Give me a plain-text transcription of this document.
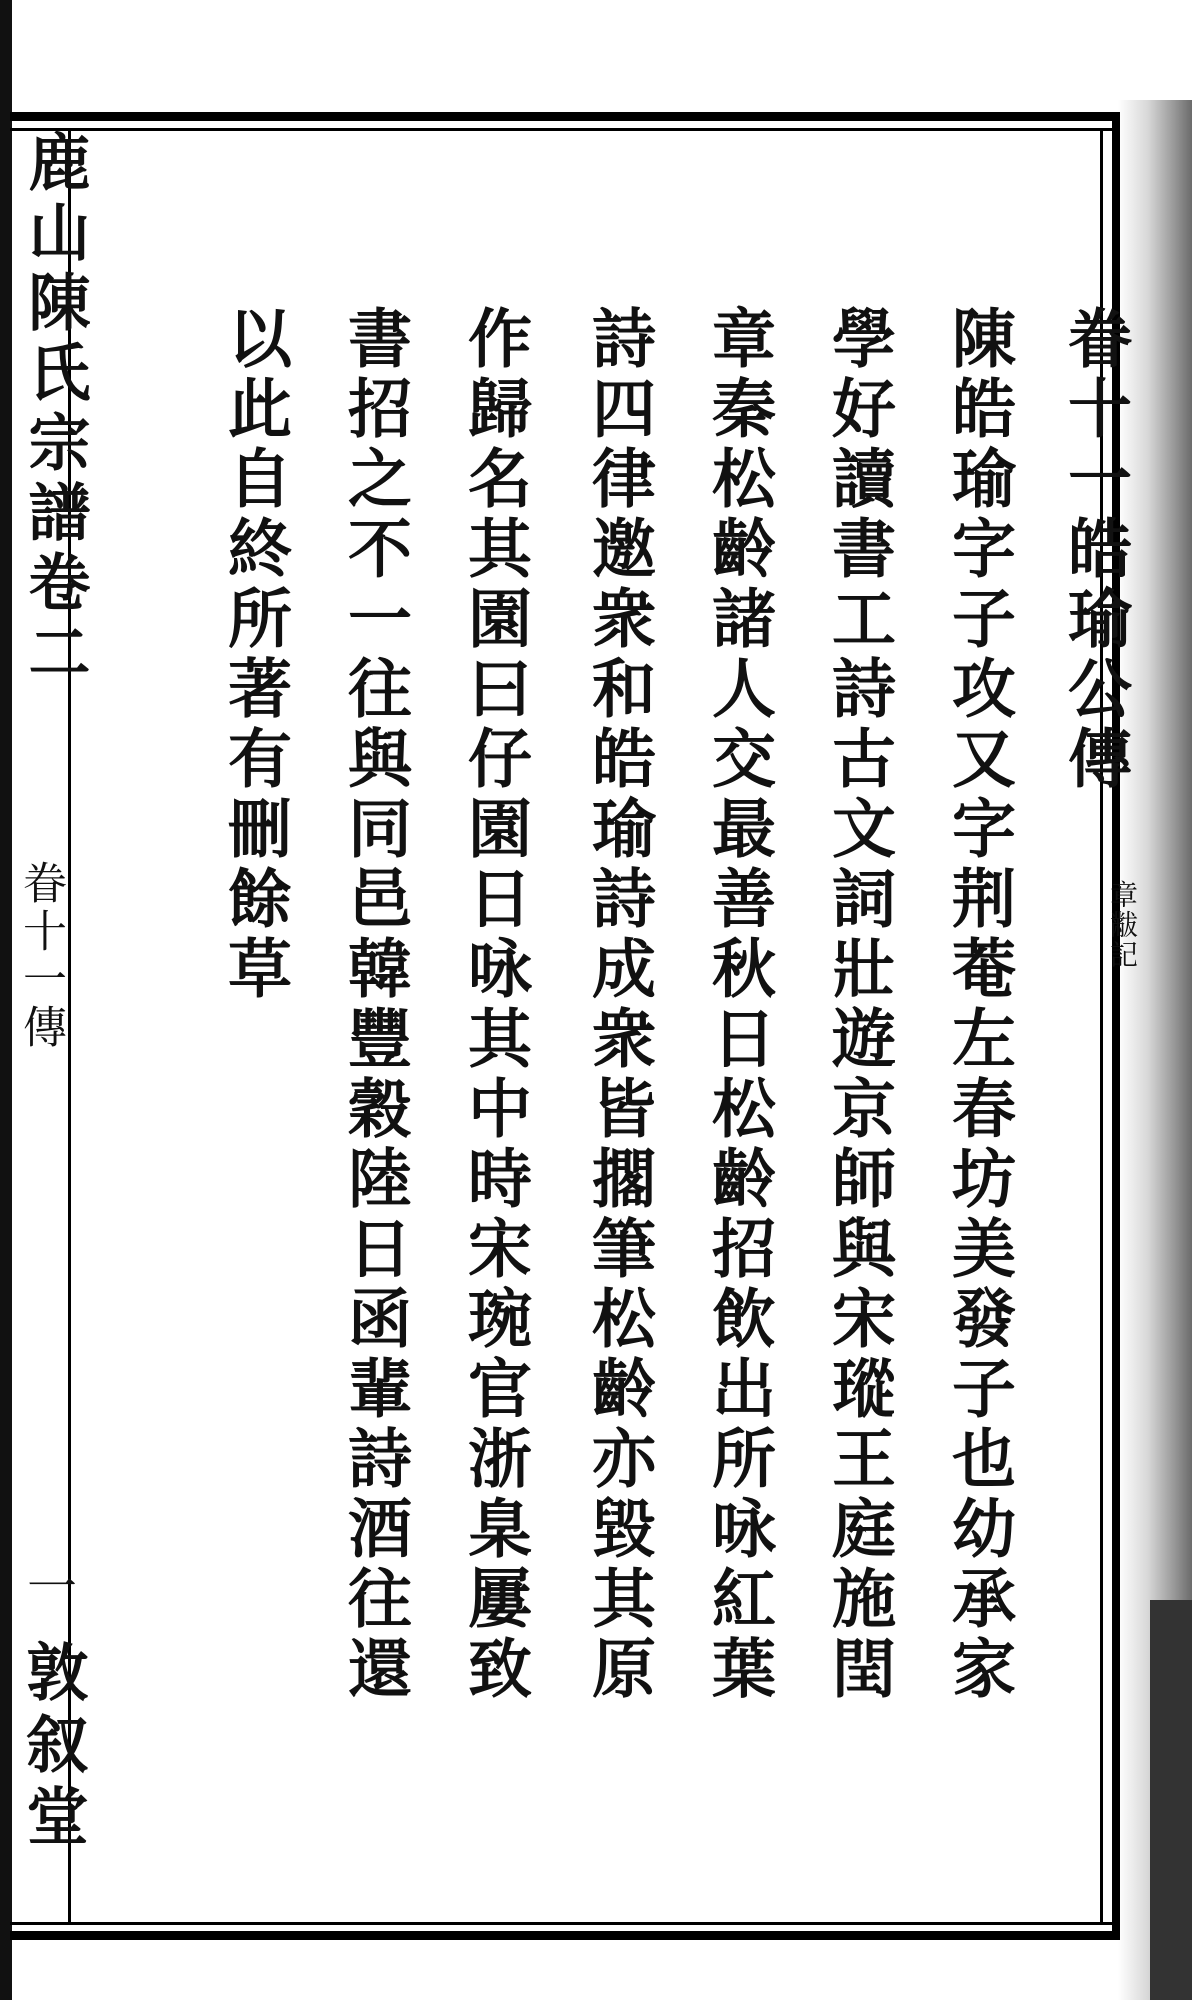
鹿山陳氏宗譜卷二
眷十一傳
一
敦叙堂
眷十一皓瑜公傳
章黻記
陳皓瑜字子攻又字荆菴左春坊美發子也幼承家
學好讀書工詩古文詞壯遊京師與宋瑽王庭施閏
章秦松齡諸人交最善秋日松齡招飲出所咏紅葉
詩四律邀衆和皓瑜詩成衆皆擱筆松齡亦毀其原
作歸名其園曰仔園日咏其中時宋琬官浙臬屢致
書招之不一往與同邑韓豐穀陸日函輩詩酒往還
以此自終所著有刪餘草
